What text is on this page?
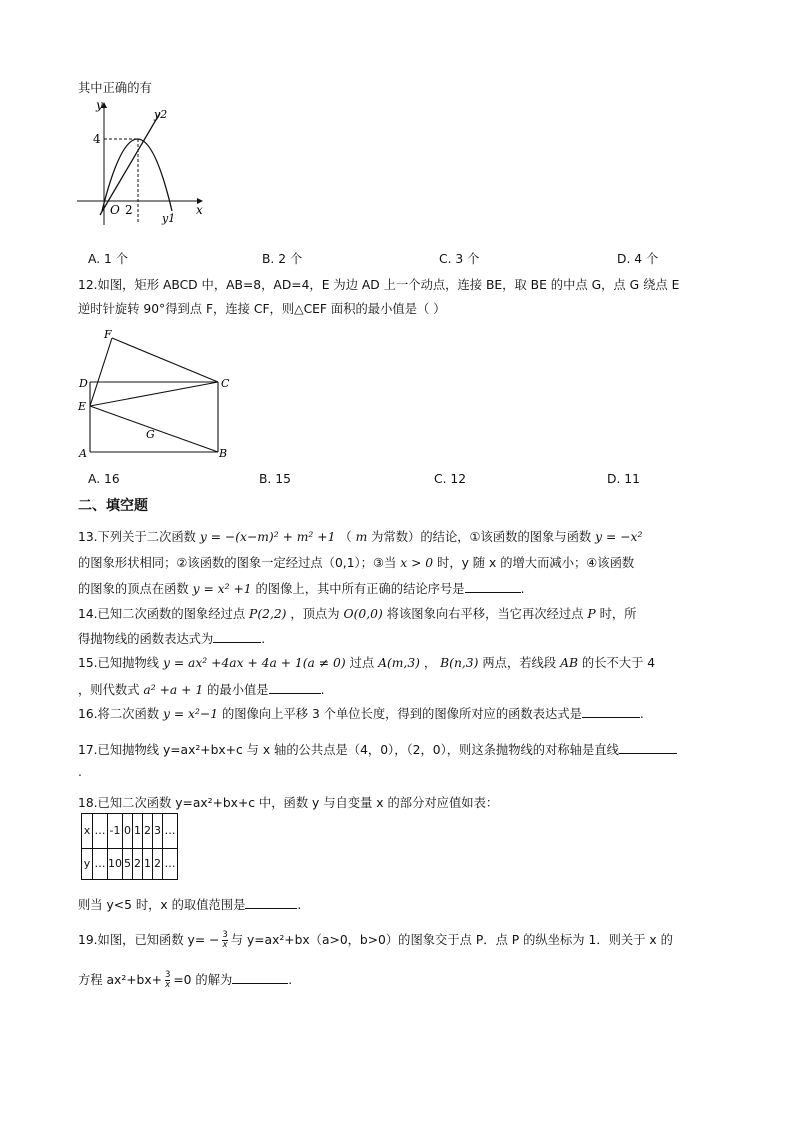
其中正确的有
y
x
O 2
4
y2
y1
A. 1 个	B. 2 个	C. 3 个	D. 4 个
12.如图，矩形 ABCD 中，AB=8，AD=4，E 为边 AD 上一个动点，连接 BE，取 BE 的中点 G，点 G 绕点 E
逆时针旋转 90°得到点 F，连接 CF，则△CEF 面积的最小值是（ ）
F
D	C
E
G
A	B
A. 16	B. 15	C. 12	D. 11
二、填空题
13.下列关于二次函数 y = −(x−m)² + m² +1 （ m 为常数）的结论，①该函数的图象与函数 y = −x²
的图象形状相同；②该函数的图象一定经过点（0,1）；③当 x > 0 时，y 随 x 的增大而减小；④该函数
的图象的顶点在函数 y = x² +1 的图像上，其中所有正确的结论序号是	.
14.已知二次函数的图象经过点 P(2,2) ，顶点为 O(0,0) 将该图象向右平移，当它再次经过点 P 时，所
得抛物线的函数表达式为	.
15.已知抛物线 y = ax² +4ax + 4a + 1(a ≠ 0) 过点 A(m,3) ， B(n,3) 两点，若线段 AB 的长不大于 4
，则代数式 a² +a + 1 的最小值是	.
16.将二次函数 y = x²−1 的图像向上平移 3 个单位长度，得到的图像所对应的函数表达式是	.
17.已知抛物线 y=ax²+bx+c 与 x 轴的公共点是（4，0），（2，0），则这条抛物线的对称轴是直线
.
18.已知二次函数 y=ax²+bx+c 中，函数 y 与自变量 x 的部分对应值如表：
x	…	-1	0	1	2	3	…
y	…	10	5	2	1	2	…
则当 y<5 时，x 的取值范围是	.
19.如图，已知函数 $y= - \frac{3}{x}$ 与 y=ax²+bx（a>0，b>0）的图象交于点 P．点 P 的纵坐标为 1．则关于 x 的
方程 $ax^2+bx+ \frac{3}{x} =0$ 的解为	.
